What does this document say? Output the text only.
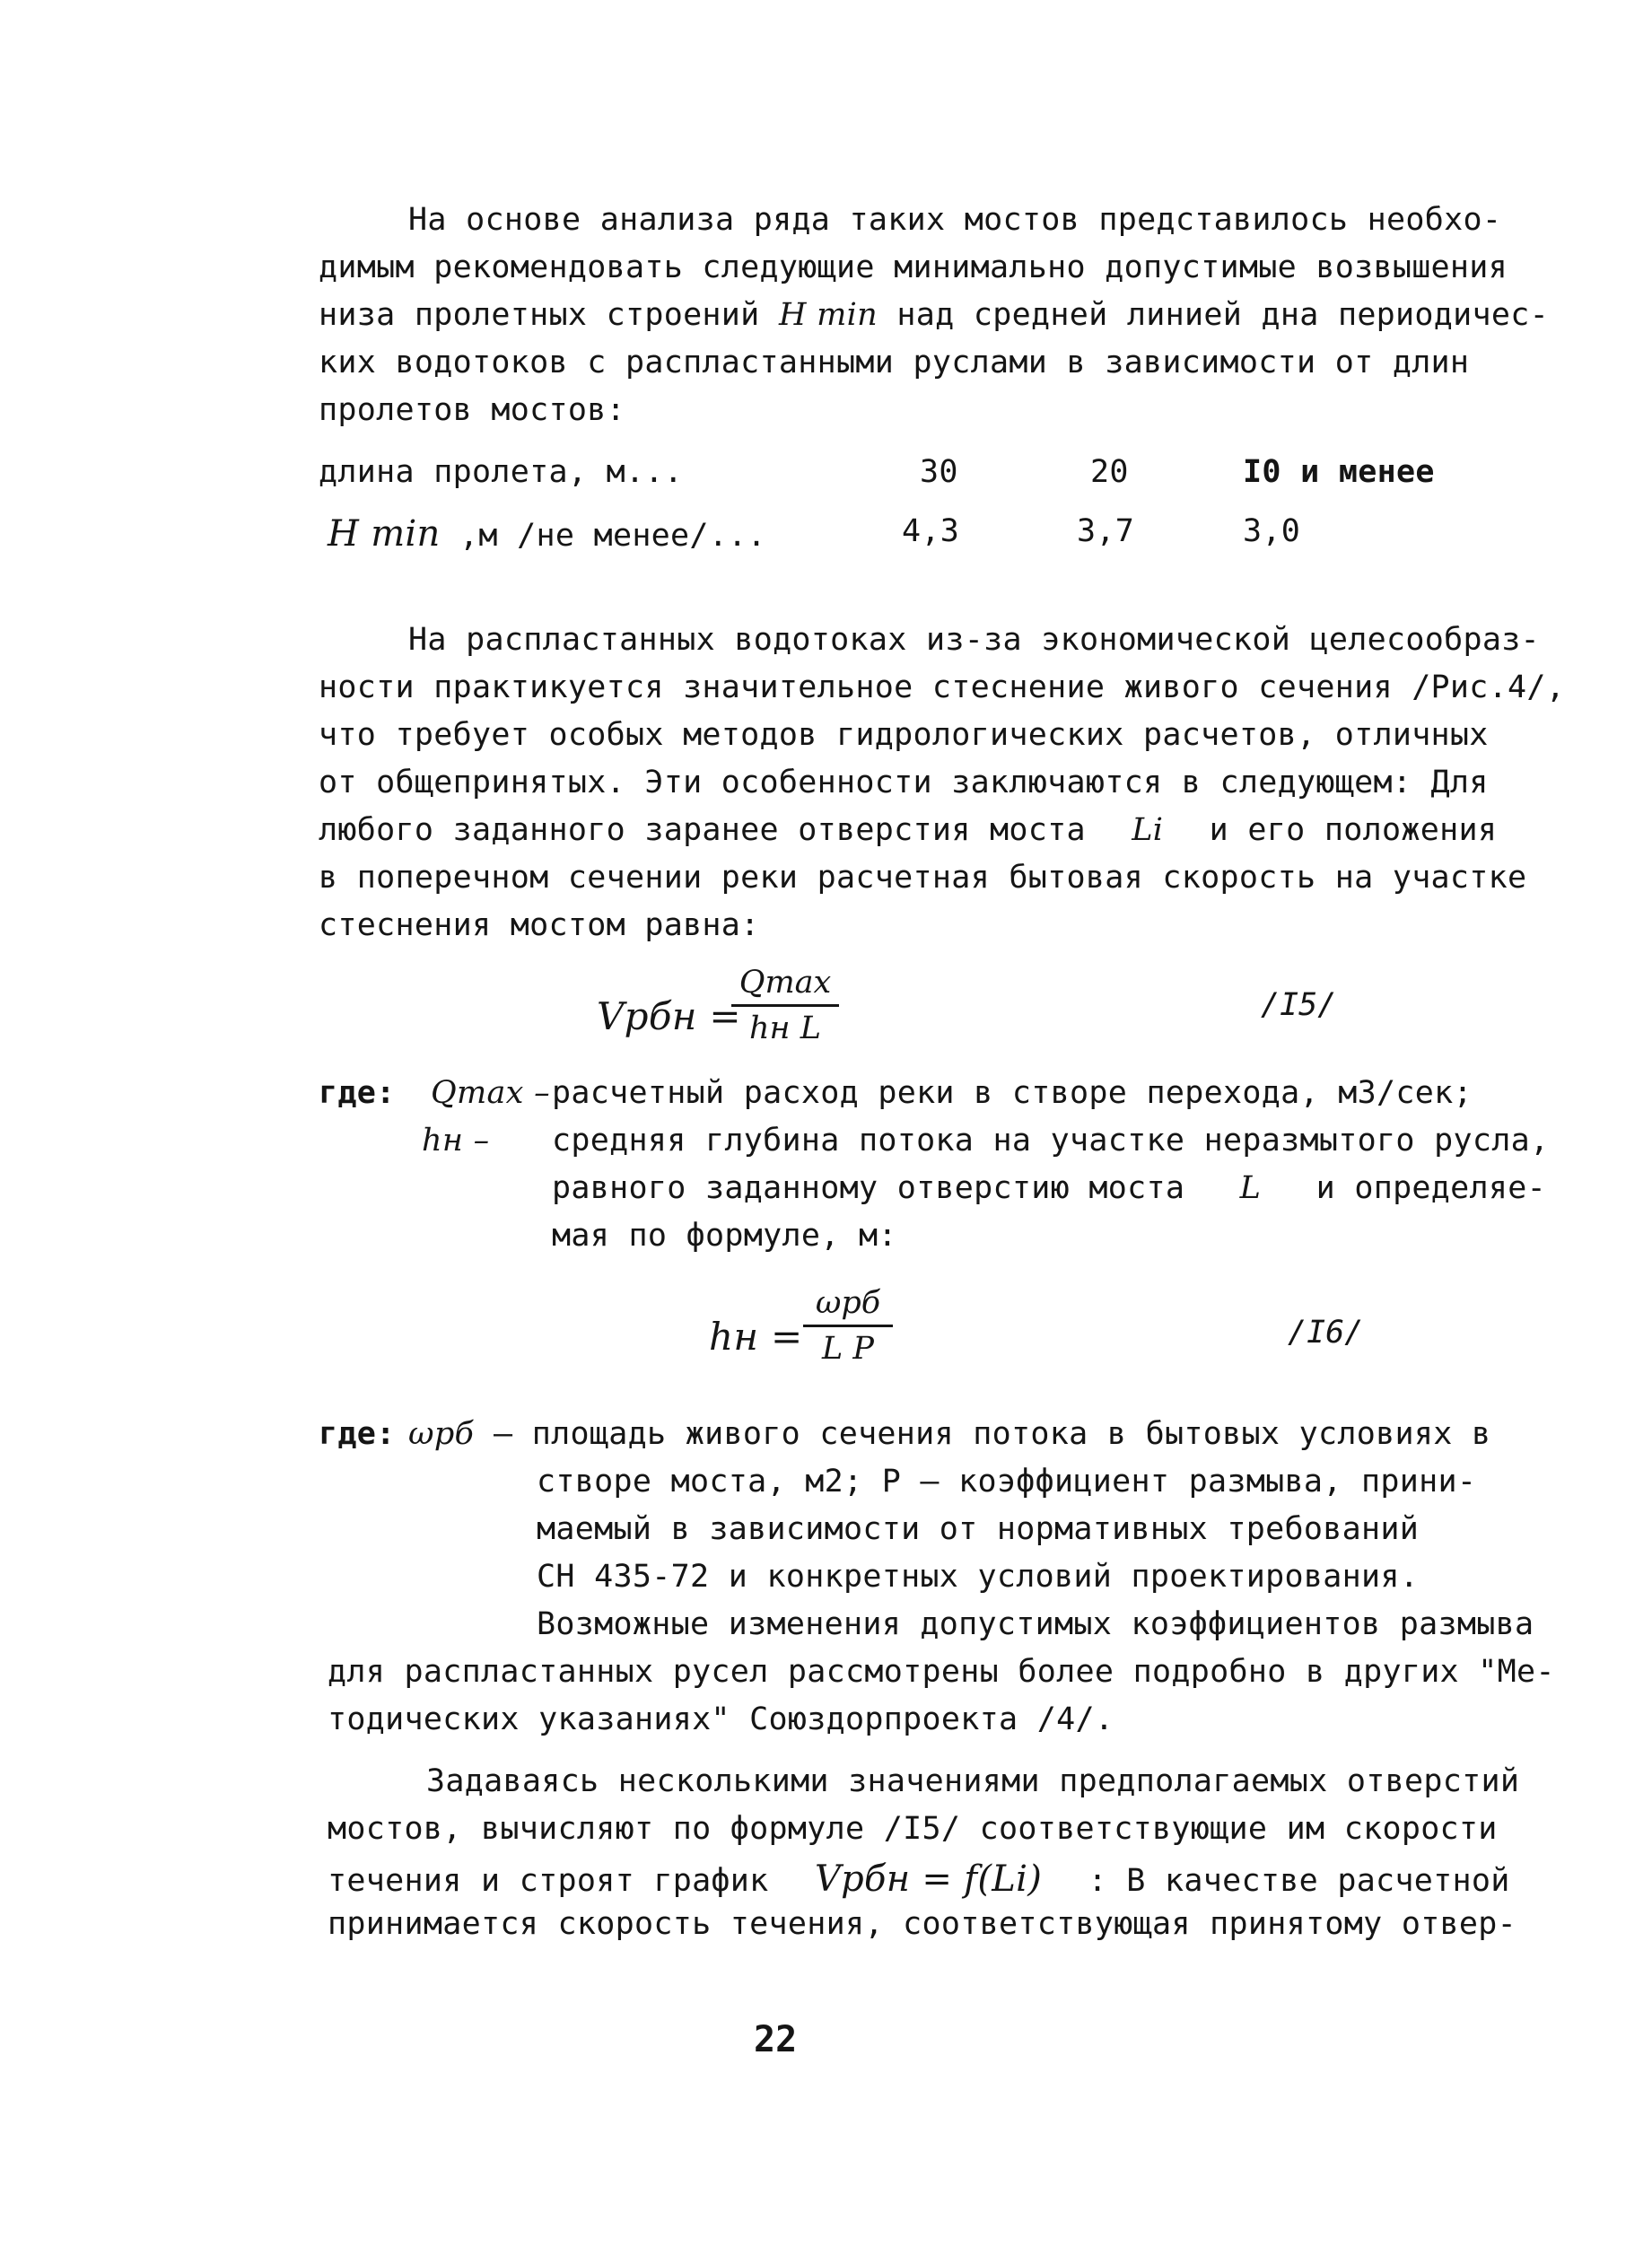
На основе анализа ряда таких мостов представилось необхо-
димым рекомендовать следующие минимально допустимые возвышения
низа пролетных строений H min над средней линией дна периодичес-
ких водотоков с распластанными руслами в зависимости от длин
пролетов мостов:
длина пролета, м...	30	20	I0 и менее
H min ,м /не менее/...	4,3	3,7	3,0
На распластанных водотоках из-за экономической целесообраз-
ности практикуется значительное стеснение живого сечения /Рис.4/,
что требует особых методов гидрологических расчетов, отличных
от общепринятых. Эти особенности заключаются в следующем: Для
любого заданного заранее отверстия моста Li и его положения
в поперечном сечении реки расчетная бытовая скорость на участке
стеснения мостом равна:
Vрбн =
Qmax
hн L
/I5/
где: Qmax – расчетный расход реки в створе перехода, м3/сек;
hн – средняя глубина потока на участке неразмытого русла,
равного заданному отверстию моста L и определяе-
мая по формуле, м:
hн =
ωрб
L P	/I6/
где: ωрб – площадь живого сечения потока в бытовых условиях в
створе моста, м2; Р – коэффициент размыва, прини-
маемый в зависимости от нормативных требований
СН 435-72 и конкретных условий проектирования.
Возможные изменения допустимых коэффициентов размыва
для распластанных русел рассмотрены более подробно в других "Ме-
тодических указаниях" Союздорпроекта /4/.
Задаваясь несколькими значениями предполагаемых отверстий
мостов, вычисляют по формуле /I5/ соответствующие им скорости
течения и строят график Vрбн = f(Li) : В качестве расчетной
принимается скорость течения, соответствующая принятому отвер-
22
